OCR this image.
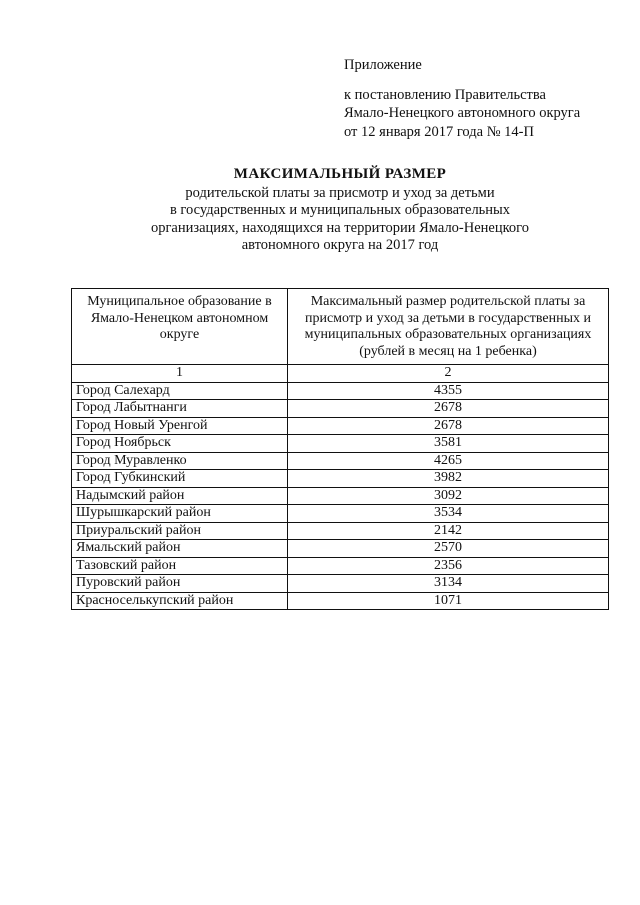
Приложение
к постановлению Правительства
Ямало-Ненецкого автономного округа
от 12 января 2017 года № 14-П
МАКСИМАЛЬНЫЙ РАЗМЕР
родительской платы за присмотр и уход за детьми
в государственных и муниципальных образовательных
организациях, находящихся на территории Ямало-Ненецкого
автономного округа на 2017 год
Муниципальное образование в Ямало-Ненецком автономном округе	Максимальный размер родительской платы за присмотр и уход за детьми в государственных и муниципальных образовательных организациях (рублей в месяц на 1 ребенка)
1	2
Город Салехард	4355
Город Лабытнанги	2678
Город Новый Уренгой	2678
Город Ноябрьск	3581
Город Муравленко	4265
Город Губкинский	3982
Надымский район	3092
Шурышкарский район	3534
Приуральский район	2142
Ямальский район	2570
Тазовский район	2356
Пуровский район	3134
Красноселькупский район	1071
